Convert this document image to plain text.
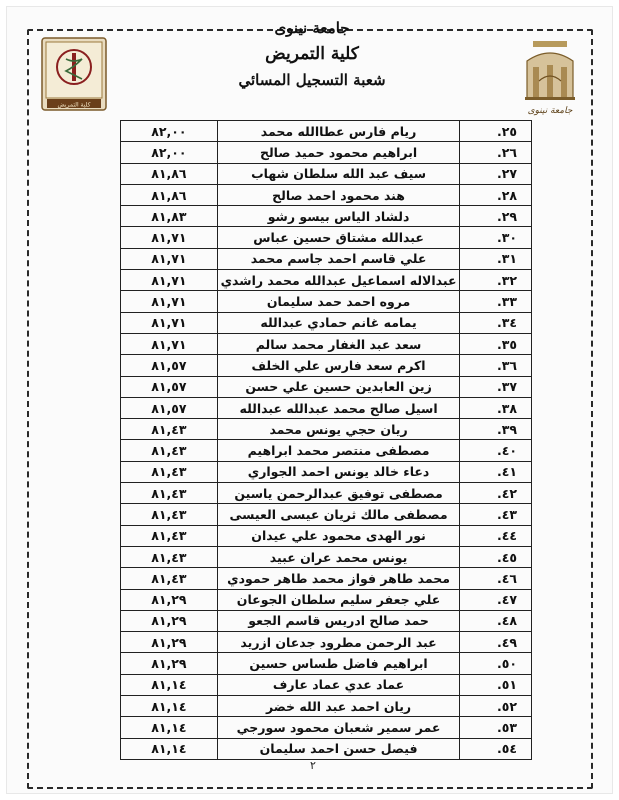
جامعة نينوى
كلية التمريض
شعبة التسجيل المسائي
كلية التمريض
جامعة نينوى
٢٥.	ريام فارس عطاالله محمد	٨٢,٠٠
٢٦.	ابراهيم محمود حميد صالح	٨٢,٠٠
٢٧.	سيف عبد الله سلطان شهاب	٨١,٨٦
٢٨.	هند محمود احمد صالح	٨١,٨٦
٢٩.	دلشاد الياس بيسو رشو	٨١,٨٣
٣٠.	عبدالله مشتاق حسين عباس	٨١,٧١
٣١.	علي قاسم احمد جاسم محمد	٨١,٧١
٣٢.	عبدالاله اسماعيل عبدالله محمد راشدي	٨١,٧١
٣٣.	مروه احمد حمد سليمان	٨١,٧١
٣٤.	يمامه غانم حمادي عبدالله	٨١,٧١
٣٥.	سعد عبد الغفار محمد سالم	٨١,٧١
٣٦.	اكرم سعد فارس علي الخلف	٨١,٥٧
٣٧.	زين العابدين حسين علي حسن	٨١,٥٧
٣٨.	اسيل صالح محمد عبدالله عبدالله	٨١,٥٧
٣٩.	ريان حجي يونس محمد	٨١,٤٣
٤٠.	مصطفى منتصر محمد ابراهيم	٨١,٤٣
٤١.	دعاء خالد يونس احمد الجواري	٨١,٤٣
٤٢.	مصطفى توفيق عبدالرحمن ياسين	٨١,٤٣
٤٣.	مصطفى مالك ثريان عيسى العيسى	٨١,٤٣
٤٤.	نور الهدى محمود علي عيدان	٨١,٤٣
٤٥.	يونس محمد عران عبيد	٨١,٤٣
٤٦.	محمد طاهر فواز محمد طاهر حمودي	٨١,٤٣
٤٧.	علي جعفر سليم سلطان الجوعان	٨١,٢٩
٤٨.	حمد صالح ادريس قاسم الجعو	٨١,٢٩
٤٩.	عبد الرحمن مطرود جدعان ازريد	٨١,٢٩
٥٠.	ابراهيم فاضل طساس حسين	٨١,٢٩
٥١.	عماد عدي عماد عارف	٨١,١٤
٥٢.	ريان احمد عبد الله خضر	٨١,١٤
٥٣.	عمر سمير شعبان محمود سورجي	٨١,١٤
٥٤.	فيصل حسن احمد سليمان	٨١,١٤
٢
